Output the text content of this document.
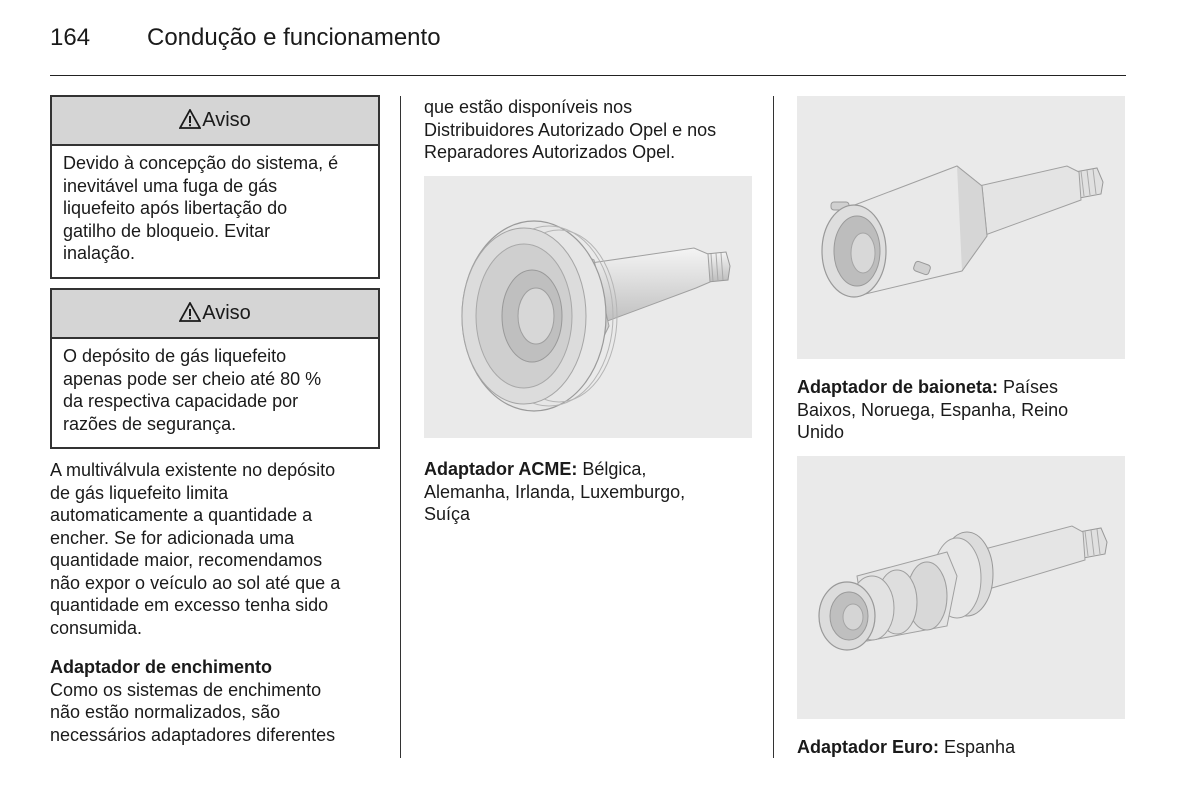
164 Condução e funcionamento
Aviso

Devido à concepção do sistema, é

inevitável uma fuga de gás

liquefeito após libertação do

gatilho de bloqueio. Evitar

inalação.

Aviso

O depósito de gás liquefeito

apenas pode ser cheio até 80 %

da respectiva capacidade por

razões de segurança.

A multiválvula existente no depósito

de gás liquefeito limita

automaticamente a quantidade a

encher. Se for adicionada uma

quantidade maior, recomendamos

não expor o veículo ao sol até que a

quantidade em excesso tenha sido

consumida.

Adaptador de enchimento

Como os sistemas de enchimento

não estão normalizados, são

necessários adaptadores diferentes

que estão disponíveis nos

Distribuidores Autorizado Opel e nos

Reparadores Autorizados Opel.

Adaptador ACME: Bélgica,

Alemanha, Irlanda, Luxemburgo,

Suíça

Adaptador de baioneta: Países

Baixos, Noruega, Espanha, Reino

Unido

Adaptador Euro: Espanha
